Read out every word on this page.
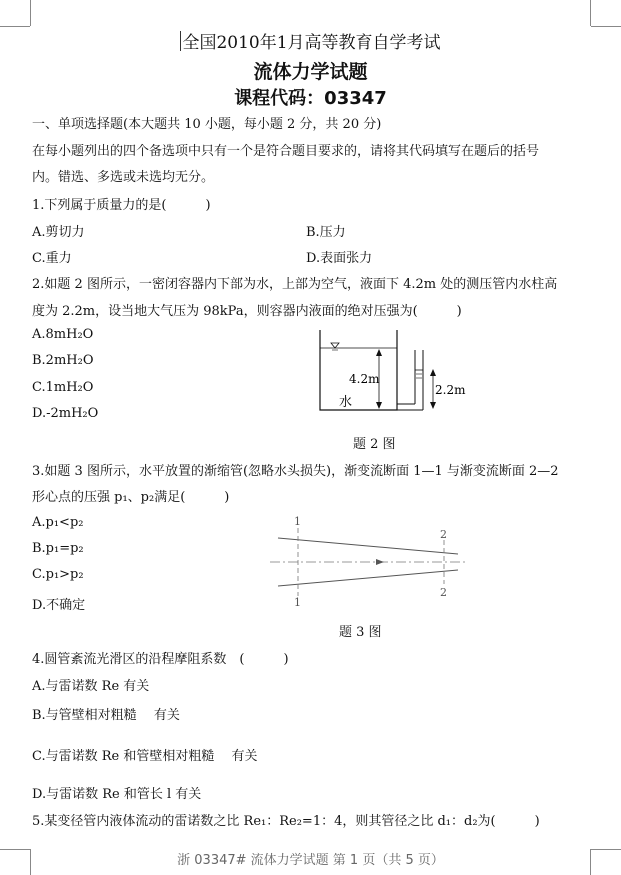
全国2010年1月高等教育自学考试
流体力学试题
课程代码：03347
一、单项选择题(本大题共 10 小题，每小题 2 分，共 20 分)
在每小题列出的四个备选项中只有一个是符合题目要求的，请将其代码填写在题后的括号
内。错选、多选或未选均无分。
1.下列属于质量力的是(　　　)
A.剪切力	B.压力
C.重力	D.表面张力
2.如题 2 图所示，一密闭容器内下部为水，上部为空气，液面下 4.2m 处的测压管内水柱高
度为 2.2m，设当地大气压为 98kPa，则容器内液面的绝对压强为(　　　)
A.8mH₂O
B.2mH₂O
C.1mH₂O
D.-2mH₂O
4.2m
2.2m
水
题 2 图
3.如题 3 图所示，水平放置的渐缩管(忽略水头损失)，渐变流断面 1—1 与渐变流断面 2—2
形心点的压强 p₁、p₂满足(　　　)
A.p₁<p₂
B.p₁=p₂
C.p₁>p₂
D.不确定
1
1
2
2
题 3 图
4.圆管紊流光滑区的沿程摩阻系数　(　　　)
A.与雷诺数 Re 有关
B.与管壁相对粗糙　 有关
C.与雷诺数 Re 和管壁相对粗糙　 有关
D.与雷诺数 Re 和管长 l 有关
5.某变径管内液体流动的雷诺数之比 Re₁：Re₂=1：4，则其管径之比 d₁：d₂为(　　　)
浙 03347# 流体力学试题 第 1 页（共 5 页）
